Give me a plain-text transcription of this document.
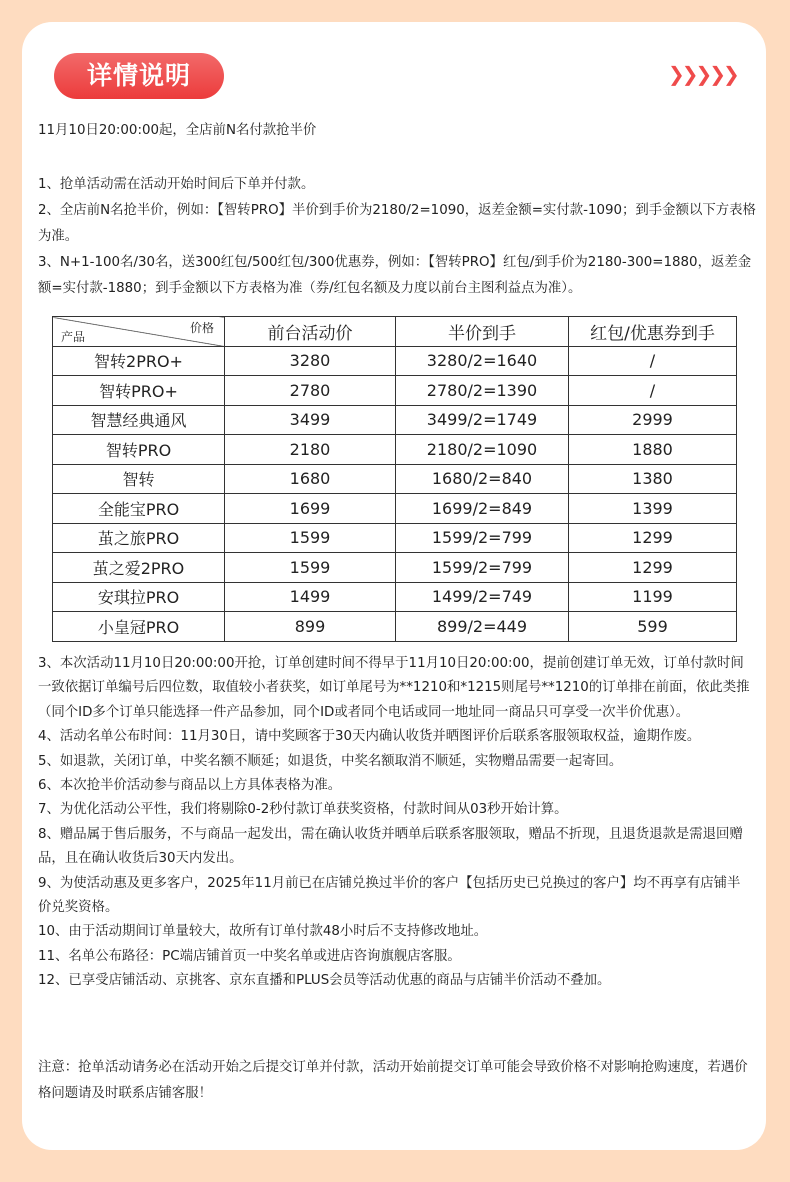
详情说明	❯❯❯❯❯
11月10日20:00:00起，全店前N名付款抢半价

1、抢单活动需在活动开始时间后下单并付款。

2、全店前N名抢半价，例如：【智转PRO】半价到手价为2180/2=1090，返差金额=实付款-1090；到手金额以下方表格为准。

3、N+1-100名/30名，送300红包/500红包/300优惠券，例如：【智转PRO】红包/到手价为2180-300=1880，返差金额=实付款-1880；到手金额以下方表格为准（券/红包名额及力度以前台主图利益点为准）。

价格
产品	前台活动价	半价到手	红包/优惠券到手
智转2PRO+	3280	3280/2=1640	/
智转PRO+	2780	2780/2=1390	/
智慧经典通风	3499	3499/2=1749	2999
智转PRO	2180	2180/2=1090	1880
智转	1680	1680/2=840	1380
全能宝PRO	1699	1699/2=849	1399
茧之旅PRO	1599	1599/2=799	1299
茧之爱2PRO	1599	1599/2=799	1299
安琪拉PRO	1499	1499/2=749	1199
小皇冠PRO	899	899/2=449	599

3、本次活动11月10日20:00:00开抢，订单创建时间不得早于11月10日20:00:00，提前创建订单无效，订单付款时间一致依据订单编号后四位数，取值较小者获奖，如订单尾号为**1210和*1215则尾号**1210的订单排在前面，依此类推（同个ID多个订单只能选择一件产品参加，同个ID或者同个电话或同一地址同一商品只可享受一次半价优惠）。

4、活动名单公布时间：11月30日，请中奖顾客于30天内确认收货并晒图评价后联系客服领取权益，逾期作废。

5、如退款，关闭订单，中奖名额不顺延；如退货，中奖名额取消不顺延，实物赠品需要一起寄回。

6、本次抢半价活动参与商品以上方具体表格为准。

7、为优化活动公平性，我们将剔除0-2秒付款订单获奖资格，付款时间从03秒开始计算。

8、赠品属于售后服务，不与商品一起发出，需在确认收货并晒单后联系客服领取，赠品不折现，且退货退款是需退回赠品，且在确认收货后30天内发出。

9、为使活动惠及更多客户，2025年11月前已在店铺兑换过半价的客户【包括历史已兑换过的客户】均不再享有店铺半价兑奖资格。

10、由于活动期间订单量较大，故所有订单付款48小时后不支持修改地址。

11、名单公布路径：PC端店铺首页一中奖名单或进店咨询旗舰店客服。

12、已享受店铺活动、京挑客、京东直播和PLUS会员等活动优惠的商品与店铺半价活动不叠加。

注意：抢单活动请务必在活动开始之后提交订单并付款，活动开始前提交订单可能会导致价格不对影响抢购速度，若遇价格问题请及时联系店铺客服！
